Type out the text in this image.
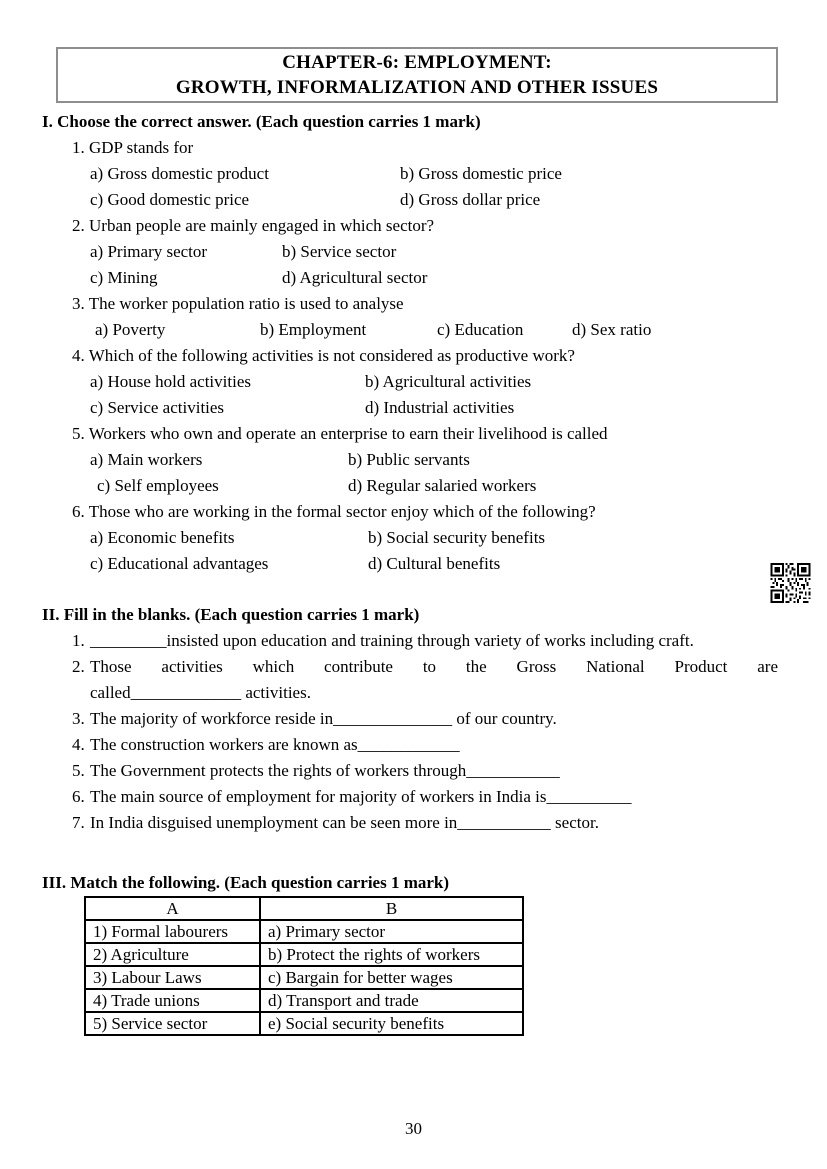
CHAPTER-6: EMPLOYMENT:
GROWTH, INFORMALIZATION AND OTHER ISSUES
I. Choose the correct answer. (Each question carries 1 mark)
1. GDP stands for
a) Gross domestic product	b) Gross domestic price
c) Good domestic price	d) Gross dollar price
2. Urban people are mainly engaged in which sector?
a) Primary sector	b) Service sector
c) Mining	d) Agricultural sector
3. The worker population ratio is used to analyse
a) Poverty	b) Employment	c) Education	d) Sex ratio
4. Which of the following activities is not considered as productive work?
a) House hold activities	b) Agricultural activities
c) Service activities	d) Industrial activities
5. Workers who own and operate an enterprise to earn their livelihood is called
a) Main workers	b) Public servants
c) Self employees	d) Regular salaried workers
6. Those who are working in the formal sector enjoy which of the following?
a) Economic benefits	b) Social security benefits
c) Educational advantages	d) Cultural benefits
II. Fill in the blanks. (Each question carries 1 mark)
1. _________insisted upon education and training through variety of works including craft.
2. Those activities which contribute to the Gross National Product are
called_____________ activities.
3. The majority of workforce reside in______________ of our country.
4. The construction workers are known as____________
5. The Government protects the rights of workers through___________
6. The main source of employment for majority of workers in India is__________
7. In India disguised unemployment can be seen more in___________ sector.
III. Match the following. (Each question carries 1 mark)
A	B
1) Formal labourers	a) Primary sector
2) Agriculture	b) Protect the rights of workers
3) Labour Laws	c) Bargain for better wages
4) Trade unions	d) Transport and trade
5) Service sector	e) Social security benefits
30
